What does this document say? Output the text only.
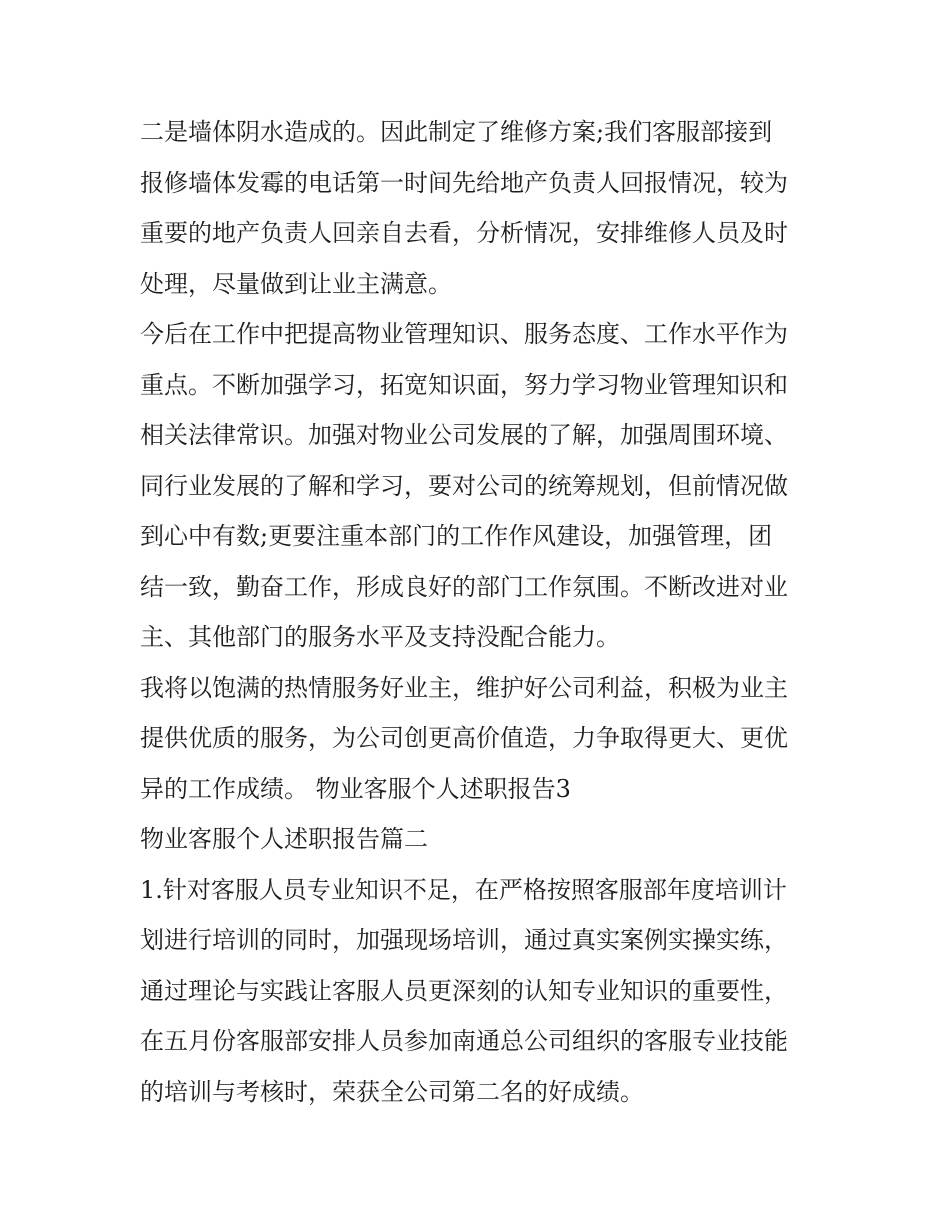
二是墙体阴水造成的。因此制定了维修方案;我们客服部接到
报修墙体发霉的电话第一时间先给地产负责人回报情况，较为
重要的地产负责人回亲自去看，分析情况，安排维修人员及时
处理，尽量做到让业主满意。
今后在工作中把提高物业管理知识、服务态度、工作水平作为
重点。不断加强学习，拓宽知识面，努力学习物业管理知识和
相关法律常识。加强对物业公司发展的了解，加强周围环境、
同行业发展的了解和学习，要对公司的统筹规划，但前情况做
到心中有数;更要注重本部门的工作作风建设，加强管理，团
结一致，勤奋工作，形成良好的部门工作氛围。不断改进对业
主、其他部门的服务水平及支持没配合能力。
我将以饱满的热情服务好业主，维护好公司利益，积极为业主
提供优质的服务，为公司创更高价值造，力争取得更大、更优
异的工作成绩。 物业客服个人述职报告3
物业客服个人述职报告篇二
1.针对客服人员专业知识不足，在严格按照客服部年度培训计
划进行培训的同时，加强现场培训，通过真实案例实操实练，
通过理论与实践让客服人员更深刻的认知专业知识的重要性，
在五月份客服部安排人员参加南通总公司组织的客服专业技能
的培训与考核时，荣获全公司第二名的好成绩。
